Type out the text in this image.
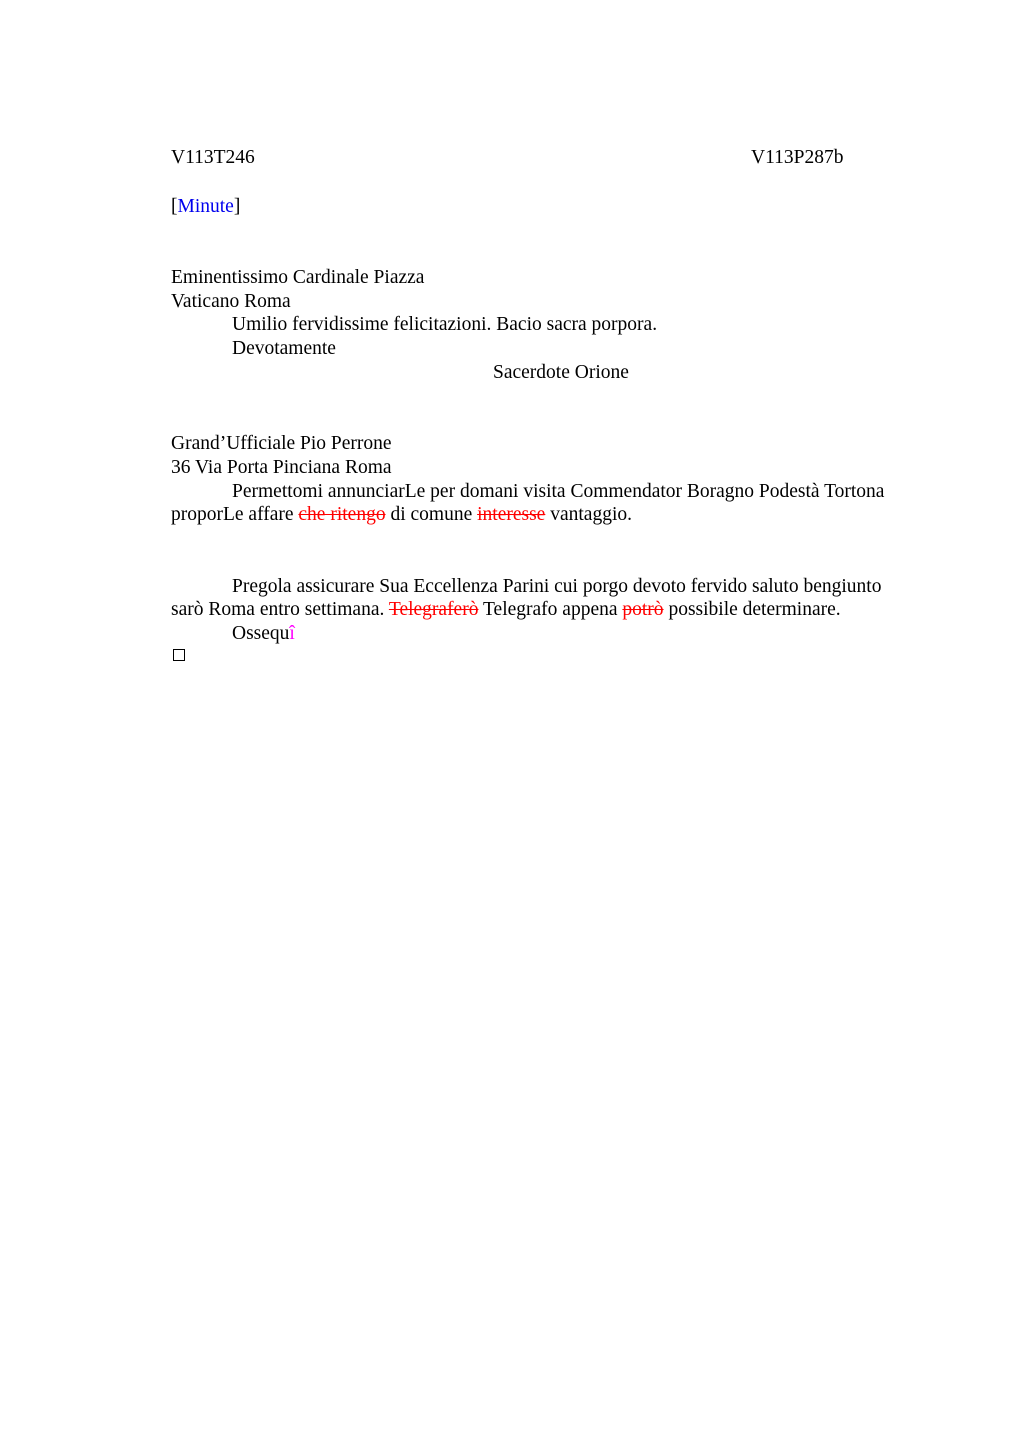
V113T246	V113P287b
[Minute]
Eminentissimo Cardinale Piazza
Vaticano Roma
Umilio fervidissime felicitazioni. Bacio sacra porpora.
Devotamente
Sacerdote Orione
Grand’Ufficiale Pio Perrone
36 Via Porta Pinciana Roma
Permettomi annunciarLe per domani visita Commendator Boragno Podestà Tortona
proporLe affare che ritengo di comune interesse vantaggio.
Pregola assicurare Sua Eccellenza Parini cui porgo devoto fervido saluto bengiunto
sarò Roma entro settimana. Telegraferò Telegrafo appena potrò possibile determinare.
Ossequî
